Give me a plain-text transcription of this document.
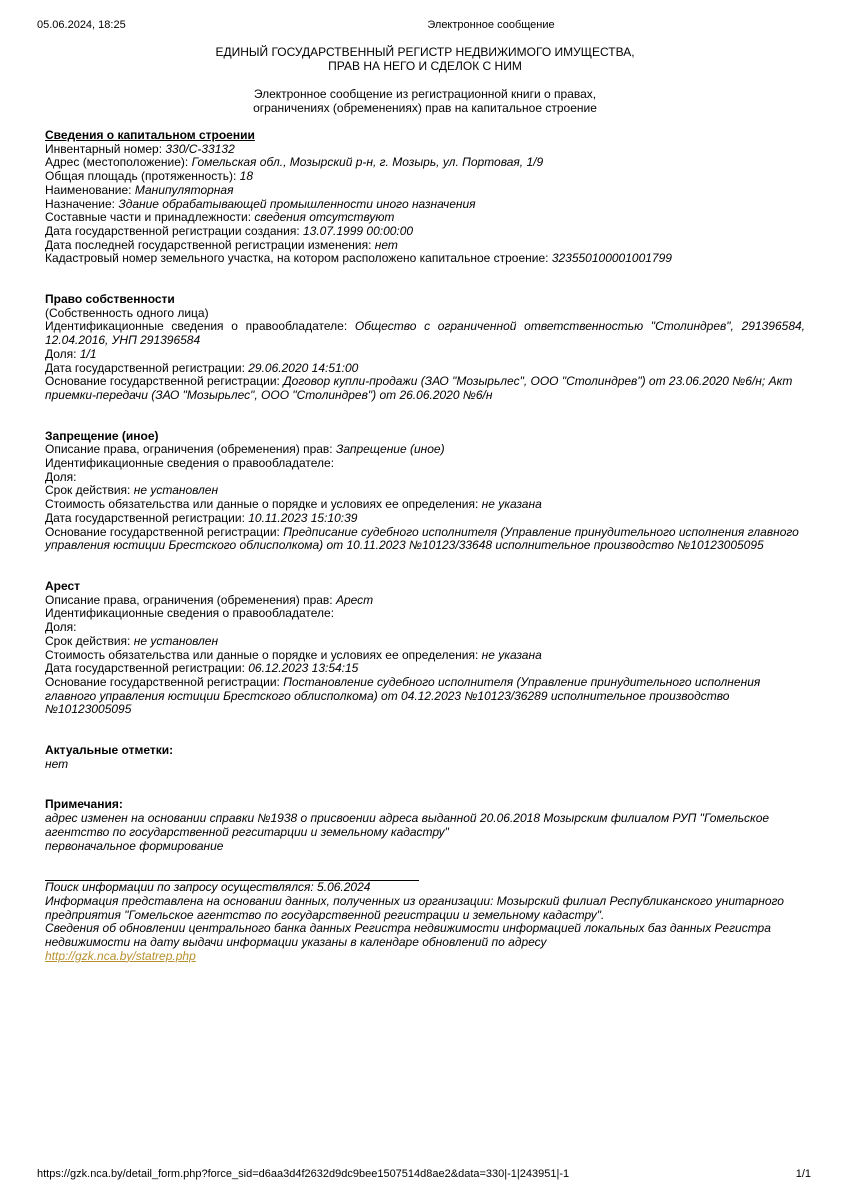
05.06.2024, 18:25	Электронное сообщение
ЕДИНЫЙ ГОСУДАРСТВЕННЫЙ РЕГИСТР НЕДВИЖИМОГО ИМУЩЕСТВА,
ПРАВ НА НЕГО И СДЕЛОК С НИМ
Электронное сообщение из регистрационной книги о правах,
ограничениях (обременениях) прав на капитальное строение
Сведения о капитальном строении
Инвентарный номер: 330/C-33132
Адрес (местоположение): Гомельская обл., Мозырский р-н, г. Мозырь, ул. Портовая, 1/9
Общая площадь (протяженность): 18
Наименование: Манипуляторная
Назначение: Здание обрабатывающей промышленности иного назначения
Составные части и принадлежности: сведения отсутствуют
Дата государственной регистрации создания: 13.07.1999 00:00:00
Дата последней государственной регистрации изменения: нет
Кадастровый номер земельного участка, на котором расположено капитальное строение: 323550100001001799
Право собственности
(Собственность одного лица)
Идентификационные сведения о правообладателе: Общество с ограниченной ответственностью "Столиндрев", 291396584, 12.04.2016, УНП 291396584
Доля: 1/1
Дата государственной регистрации: 29.06.2020 14:51:00
Основание государственной регистрации: Договор купли-продажи (ЗАО "Мозырьлес", ООО "Столиндрев") от 23.06.2020 №6/н; Акт приемки-передачи (ЗАО "Мозырьлес", ООО "Столиндрев") от 26.06.2020 №6/н
Запрещение (иное)
Описание права, ограничения (обременения) прав: Запрещение (иное)
Идентификационные сведения о правообладателе:
Доля:
Срок действия: не установлен
Стоимость обязательства или данные о порядке и условиях ее определения: не указана
Дата государственной регистрации: 10.11.2023 15:10:39
Основание государственной регистрации: Предписание судебного исполнителя (Управление принудительного исполнения главного управления юстиции Брестского облисполкома) от 10.11.2023 №10123/33648 исполнительное производство №10123005095
Арест
Описание права, ограничения (обременения) прав: Арест
Идентификационные сведения о правообладателе:
Доля:
Срок действия: не установлен
Стоимость обязательства или данные о порядке и условиях ее определения: не указана
Дата государственной регистрации: 06.12.2023 13:54:15
Основание государственной регистрации: Постановление судебного исполнителя (Управление принудительного исполнения главного управления юстиции Брестского облисполкома) от 04.12.2023 №10123/36289 исполнительное производство №10123005095
Актуальные отметки:
нет
Примечания:
адрес изменен на основании справки №1938 о присвоении адреса выданной 20.06.2018 Мозырским филиалом РУП "Гомельское агентство по государственной регситарции и земельному кадастру"
первоначальное формирование
Поиск информации по запросу осуществлялся: 5.06.2024
Информация представлена на основании данных, полученных из организации: Мозырский филиал Республиканского унитарного предприятия "Гомельское агентство по государственной регистрации и земельному кадастру".
Сведения об обновлении центрального банка данных Регистра недвижимости информацией локальных баз данных Регистра недвижимости на дату выдачи информации указаны в календаре обновлений по адресу
http://gzk.nca.by/statrep.php
https://gzk.nca.by/detail_form.php?force_sid=d6aa3d4f2632d9dc9bee1507514d8ae2&data=330|-1|243951|-1	1/1
